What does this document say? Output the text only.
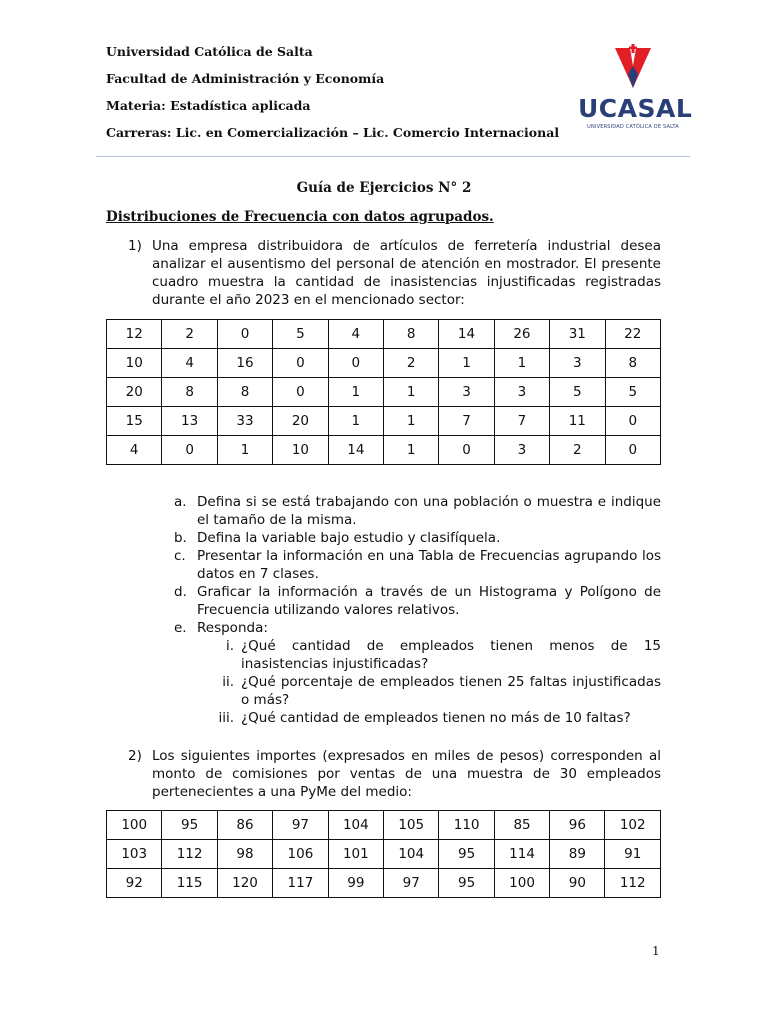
Universidad Católica de Salta
Facultad de Administración y Economía
Materia: Estadística aplicada
Carreras: Lic. en Comercialización – Lic. Comercio Internacional
UCASAL
UNIVERSIDAD CATÓLICA DE SALTA
Guía de Ejercicios N° 2
Distribuciones de Frecuencia con datos agrupados.
1) Una empresa distribuidora de artículos de ferretería industrial desea analizar el ausentismo del personal de atención en mostrador. El presente cuadro muestra la cantidad de inasistencias injustificadas registradas durante el año 2023 en el mencionado sector:
12	2	0	5	4	8	14	26	31	22
10	4	16	0	0	2	1	1	3	8
20	8	8	0	1	1	3	3	5	5
15	13	33	20	1	1	7	7	11	0
4	0	1	10	14	1	0	3	2	0
a. Defina si se está trabajando con una población o muestra e indique el tamaño de la misma.
b. Defina la variable bajo estudio y clasifíquela.
c. Presentar la información en una Tabla de Frecuencias agrupando los datos en 7 clases.
d. Graficar la información a través de un Histograma y Polígono de Frecuencia utilizando valores relativos.
e. Responda:
i. ¿Qué cantidad de empleados tienen menos de 15 inasistencias injustificadas?
ii. ¿Qué porcentaje de empleados tienen 25 faltas injustificadas o más?
iii. ¿Qué cantidad de empleados tienen no más de 10 faltas?
2) Los siguientes importes (expresados en miles de pesos) corresponden al monto de comisiones por ventas de una muestra de 30 empleados pertenecientes a una PyMe del medio:
100	95	86	97	104	105	110	85	96	102
103	112	98	106	101	104	95	114	89	91
92	115	120	117	99	97	95	100	90	112
1
